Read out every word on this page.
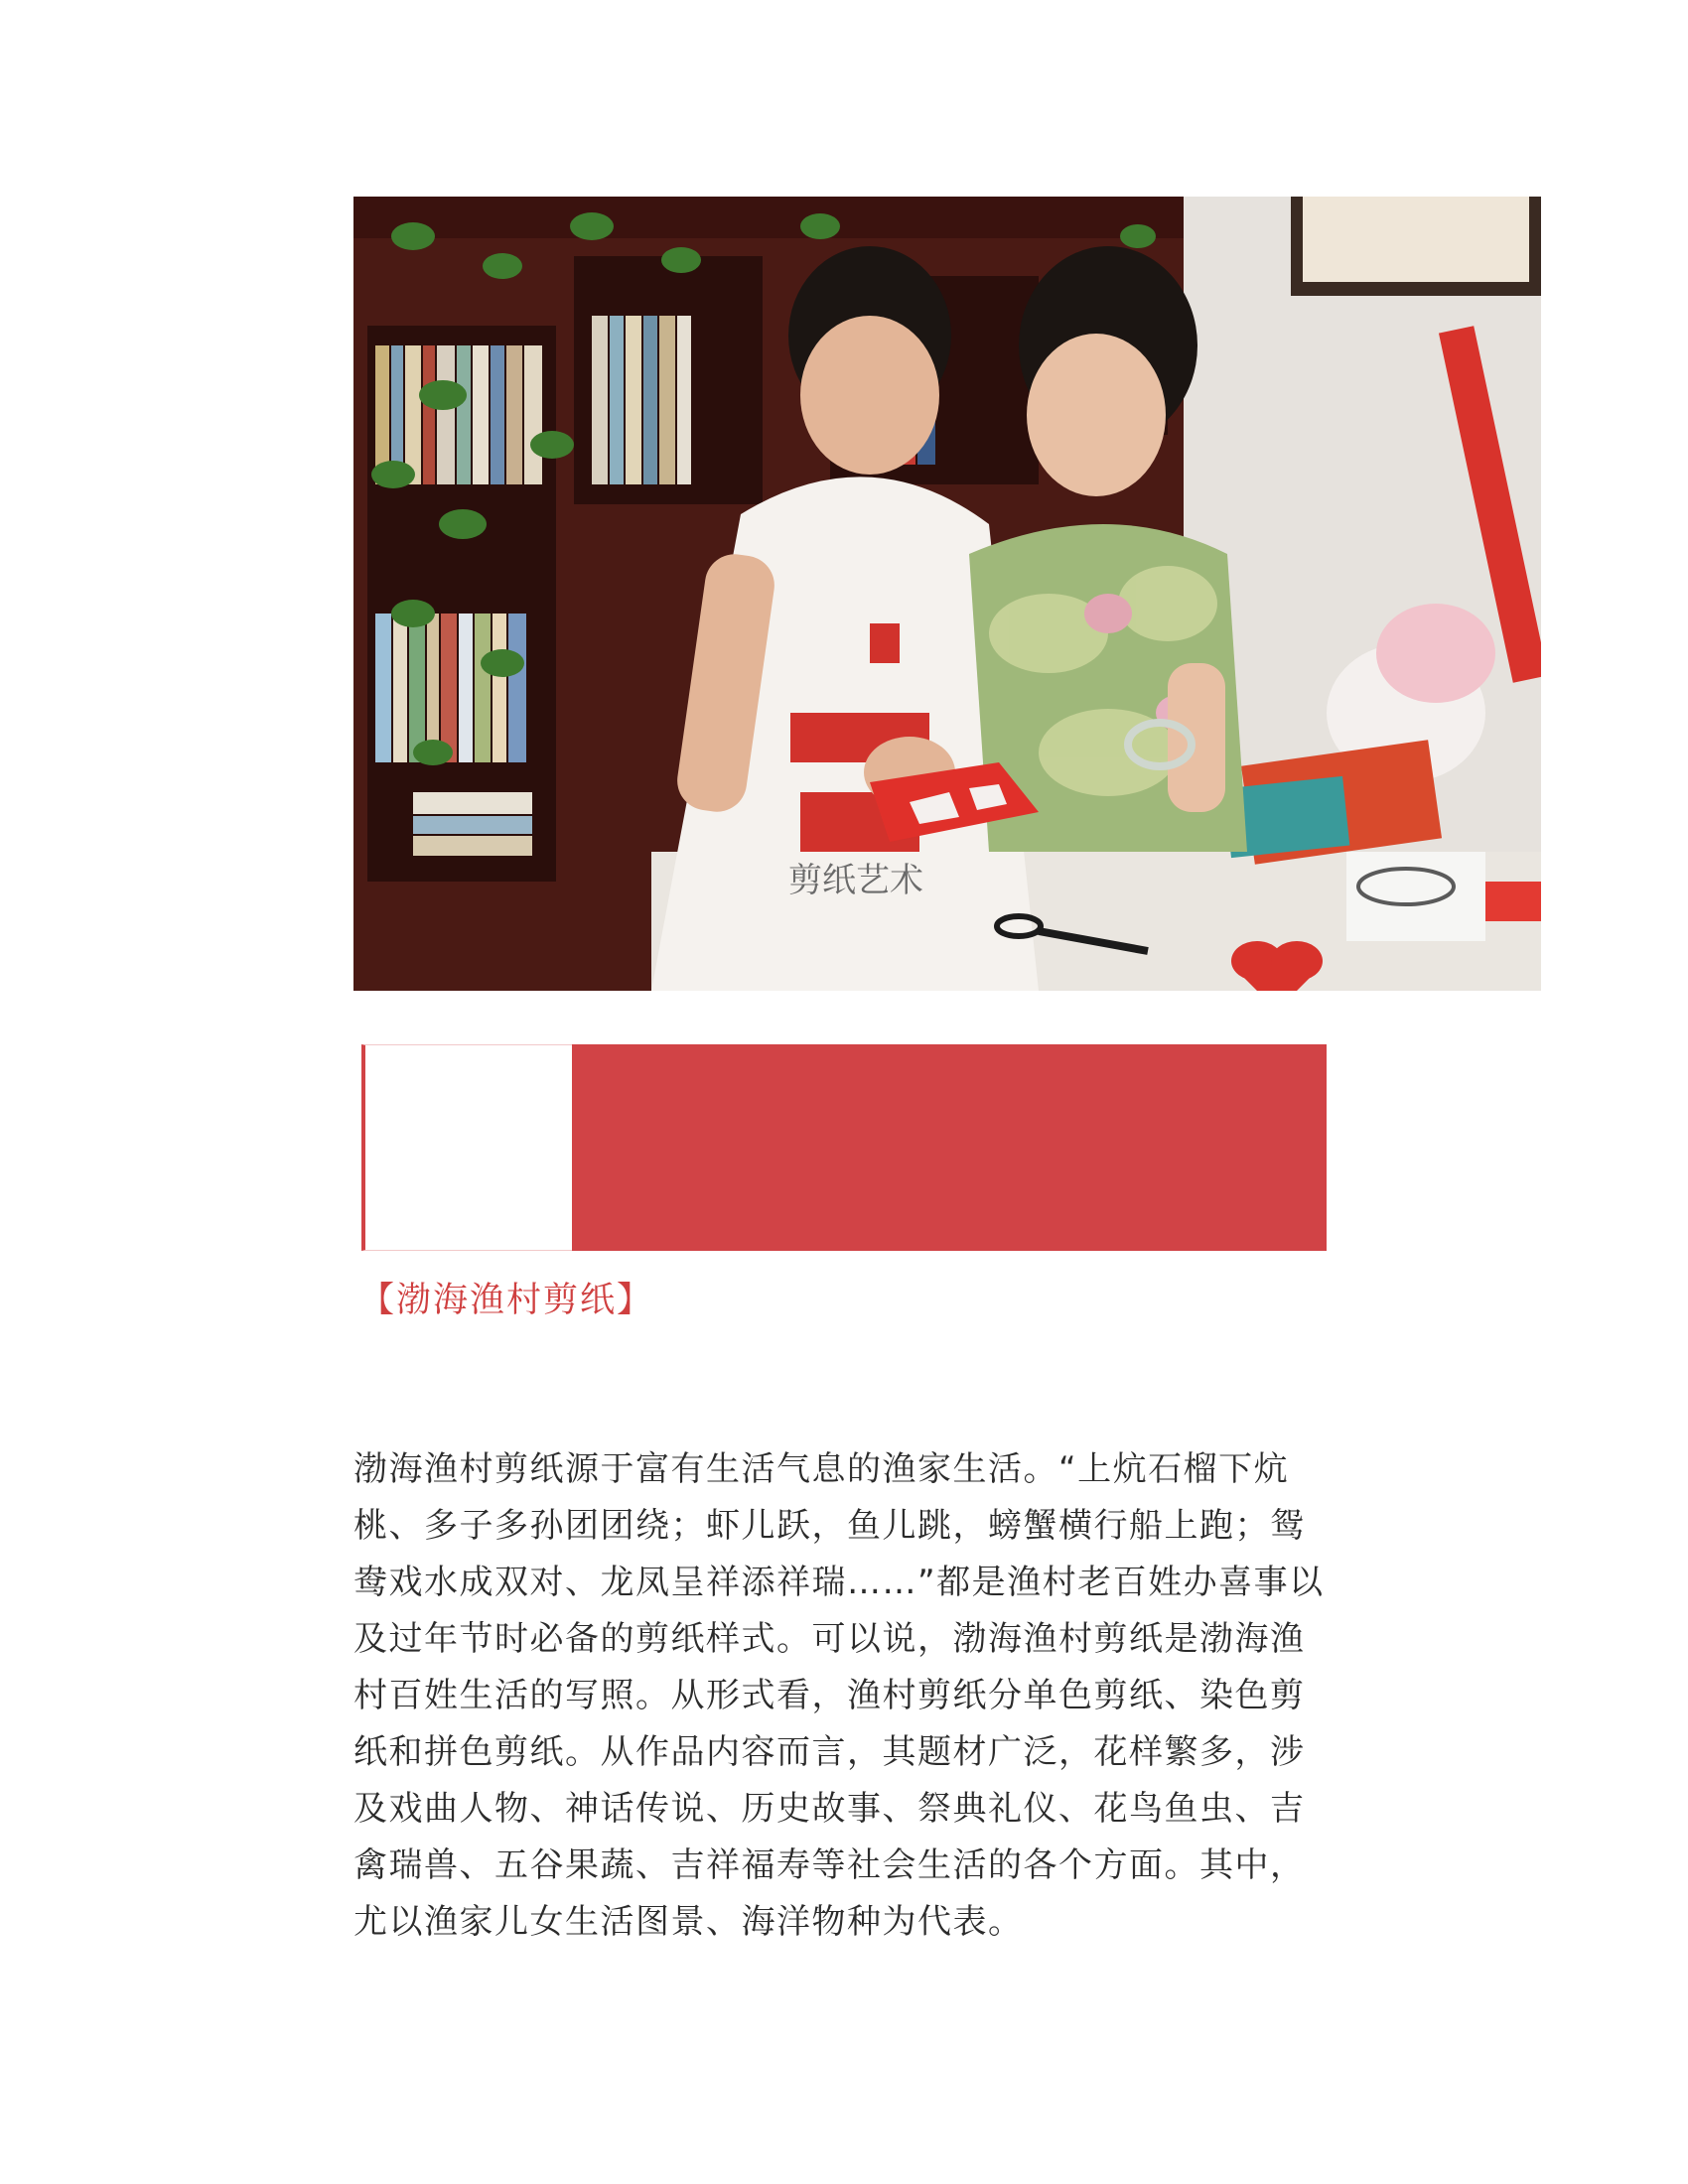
剪纸艺术
【渤海渔村剪纸】
渤海渔村剪纸源于富有生活气息的渔家生活。“上炕石榴下炕
桃、多子多孙团团绕；虾儿跃，鱼儿跳，螃蟹横行船上跑；鸳
鸯戏水成双对、龙凤呈祥添祥瑞……”都是渔村老百姓办喜事以
及过年节时必备的剪纸样式。可以说，渤海渔村剪纸是渤海渔
村百姓生活的写照。从形式看，渔村剪纸分单色剪纸、染色剪
纸和拼色剪纸。从作品内容而言，其题材广泛，花样繁多，涉
及戏曲人物、神话传说、历史故事、祭典礼仪、花鸟鱼虫、吉
禽瑞兽、五谷果蔬、吉祥福寿等社会生活的各个方面。其中，
尤以渔家儿女生活图景、海洋物种为代表。
